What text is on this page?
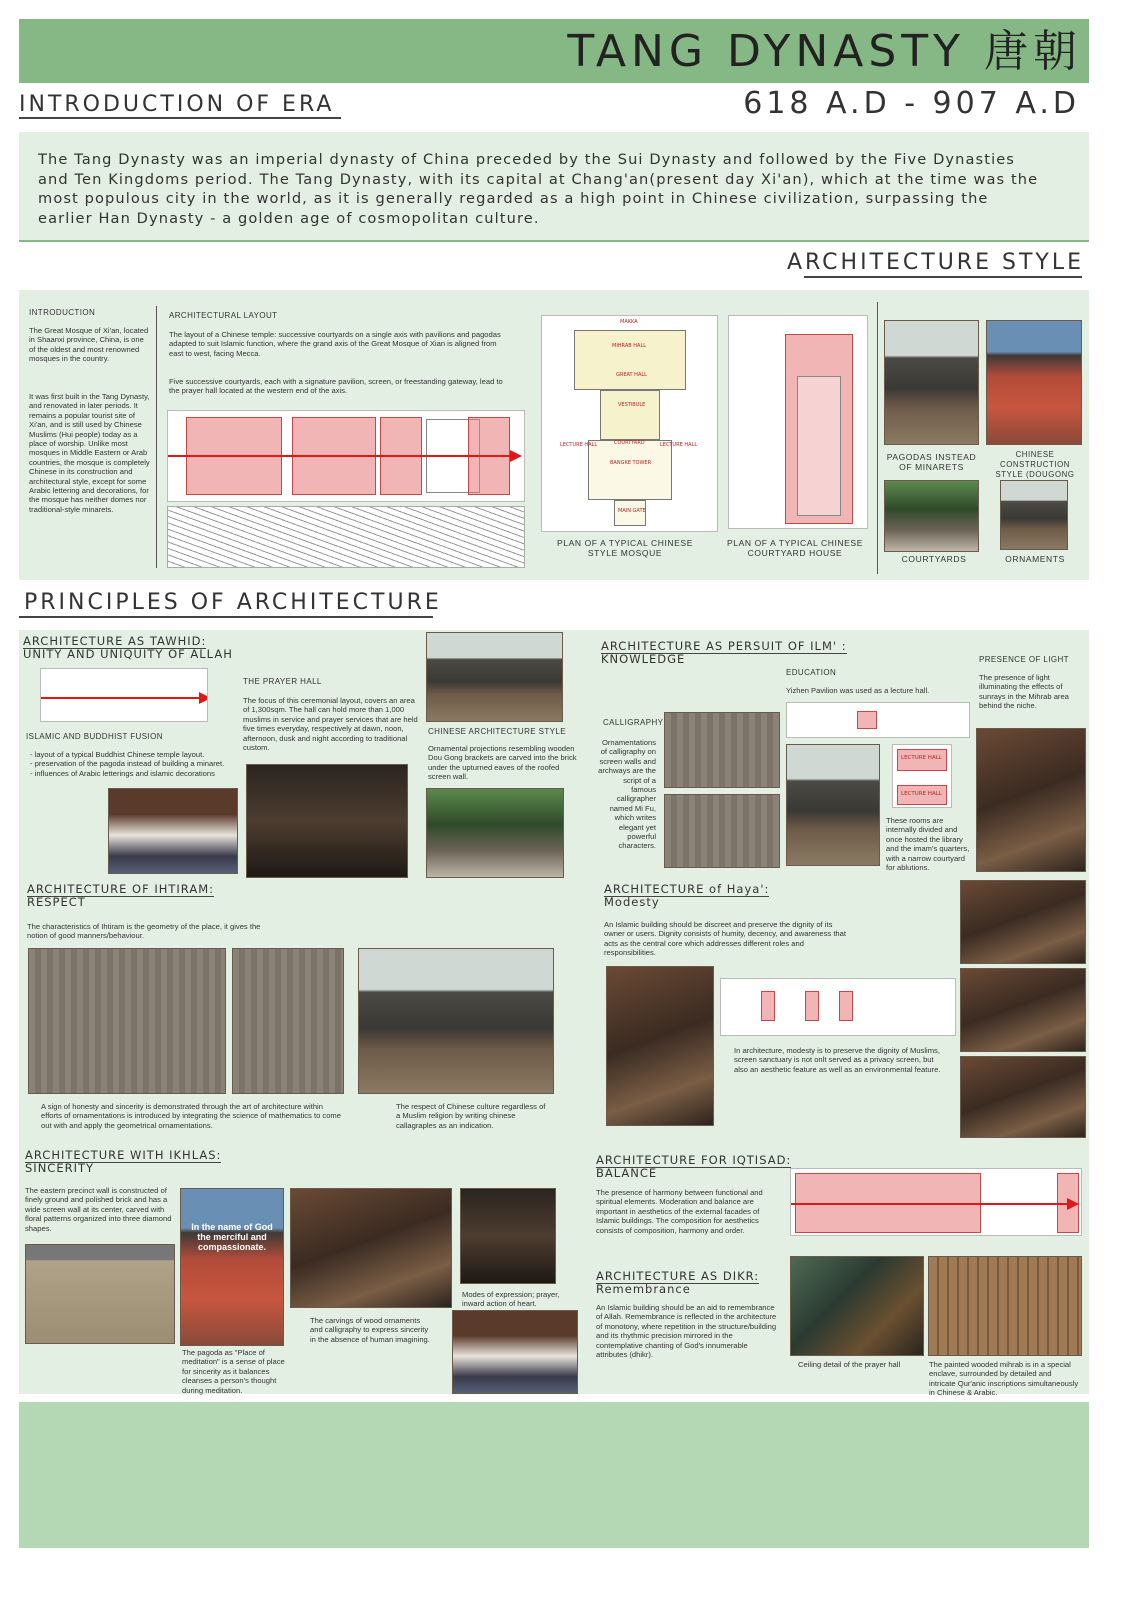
TANG DYNASTY 唐朝
INTRODUCTION OF ERA	618 A.D - 907 A.D
The Tang Dynasty was an imperial dynasty of China preceded by the Sui Dynasty and followed by the Five Dynasties and Ten Kingdoms period. The Tang Dynasty, with its capital at Chang'an(present day Xi'an), which at the time was the most populous city in the world, as it is generally regarded as a high point in Chinese civilization, surpassing the earlier Han Dynasty - a golden age of cosmopolitan culture.
ARCHITECTURE STYLE
INTRODUCTION
The Great Mosque of Xi'an, located in Shaanxi province, China, is one of the oldest and most renowned mosques in the country.
It was first built in the Tang Dynasty, and renovated in later periods. It remains a popular tourist site of Xi'an, and is still used by Chinese Muslims (Hui people) today as a place of worship. Unlike most mosques in Middle Eastern or Arab countries, the mosque is completely Chinese in its construction and architectural style, except for some Arabic lettering and decorations, for the mosque has neither domes nor traditional-style minarets.
ARCHITECTURAL LAYOUT
The layout of a Chinese temple: successive courtyards on a single axis with pavilions and pagodas adapted to suit Islamic function, where the grand axis of the Great Mosque of Xian is aligned from east to west, facing Mecca.
Five successive courtyards, each with a signature pavilion, screen, or freestanding gateway, lead to the prayer hall located at the western end of the axis.
MAKKA
MIHRAB HALL
GREAT HALL
VESTIBULE
LECTURE HALL	LECTURE HALL
COURTYARD
BANGKE TOWER
MAIN GATE
PLAN OF A TYPICAL CHINESE STYLE MOSQUE
PLAN OF A TYPICAL CHINESE COURTYARD HOUSE
PAGODAS INSTEAD OF MINARETS
CHINESE CONSTRUCTION STYLE (DOUGONG
COURTYARDS	ORNAMENTS
PRINCIPLES OF ARCHITECTURE
ARCHITECTURE AS TAWHID:
UNITY AND UNIQUITY OF ALLAH
ISLAMIC AND BUDDHIST FUSION
- layout of a typical Buddhist Chinese temple layout.
- preservation of the pagoda instead of building a minaret.
- influences of Arabic letterings and islamic decorations
THE PRAYER HALL
The focus of this ceremonial layout, covers an area of 1,300sqm. The hall can hold more than 1,000 muslims in service and prayer services that are held five times everyday, respectively at dawn, noon, afternoon, dusk and night according to traditional custom.
CHINESE ARCHITECTURE STYLE
Ornamental projections resembling wooden Dou Gong brackets are carved into the brick under the upturned eaves of the roofed screen wall.
ARCHITECTURE AS PERSUIT OF ILM' :
KNOWLEDGE
EDUCATION
Yizhen Pavilion was used as a lecture hall.
CALLIGRAPHY
Ornamentations of calligraphy on screen walls and archways are the script of a famous calligrapher named Mi Fu, which writes elegant yet powerful characters.
LECTURE HALL
LECTURE HALL
These rooms are internally divided and once hosted the library and the imam's quarters, with a narrow courtyard for ablutions.
PRESENCE OF LIGHT
The presence of light illuminating the effects of sunrays in the Mihrab area behind the niche.
ARCHITECTURE OF IHTIRAM:
RESPECT
The characteristics of Ihtiram is the geometry of the place, it gives the notion of good manners/behaviour.
A sign of honesty and sincerity is demonstrated through the art of architecture within efforts of ornamentations is introduced by integrating the science of mathematics to come out with and apply the geometrical ornamentations.
The respect of Chinese culture regardless of a Muslim religion by writing chinese callagraples as an indication.
ARCHITECTURE of Haya':
Modesty
An Islamic building should be discreet and preserve the dignity of its owner or users. Dignity consists of humity, decency, and awareness that acts as the central core which addresses different roles and responsibilities.
In architecture, modesty is to preserve the dignity of Muslims, screen sanctuary is not onlt served as a privacy screen, but also an aesthetic feature as well as an environmental feature.
ARCHITECTURE WITH IKHLAS:
SINCERITY
The eastern precinct wall is constructed of finely ground and polished brick and has a wide screen wall at its center, carved with floral patterns organized into three diamond shapes.	In the name of God the merciful and compassionate.
The pagoda as "Place of meditation" is a sense of place for sincerity as it balances cleanses a person's thought during meditation.
The carvings of wood ornaments and calligraphy to express sincerity in the absence of human imagining.
Modes of expression; prayer, inward action of heart.
ARCHITECTURE FOR IQTISAD:
BALANCE
The presence of harmony between functional and spiritual elements. Moderation and balance are important in aesthetics of the external facades of Islamic buildings. The composition for aesthetics consists of composition, harmony and order.
ARCHITECTURE AS DIKR:
Remembrance
An Islamic building should be an aid to remembrance of Allah. Remembrance is reflected in the architecture of monotony, where repetition in the structure/building and its rhythmic precision mirrored in the contemplative chanting of God's innumerable attributes (dhikr).
Ceiling detail of the prayer hall	The painted wooded mihrab is in a special enclave, surrounded by detailed and intricate Qur'anic inscriptions simultaneously in Chinese & Arabic.
